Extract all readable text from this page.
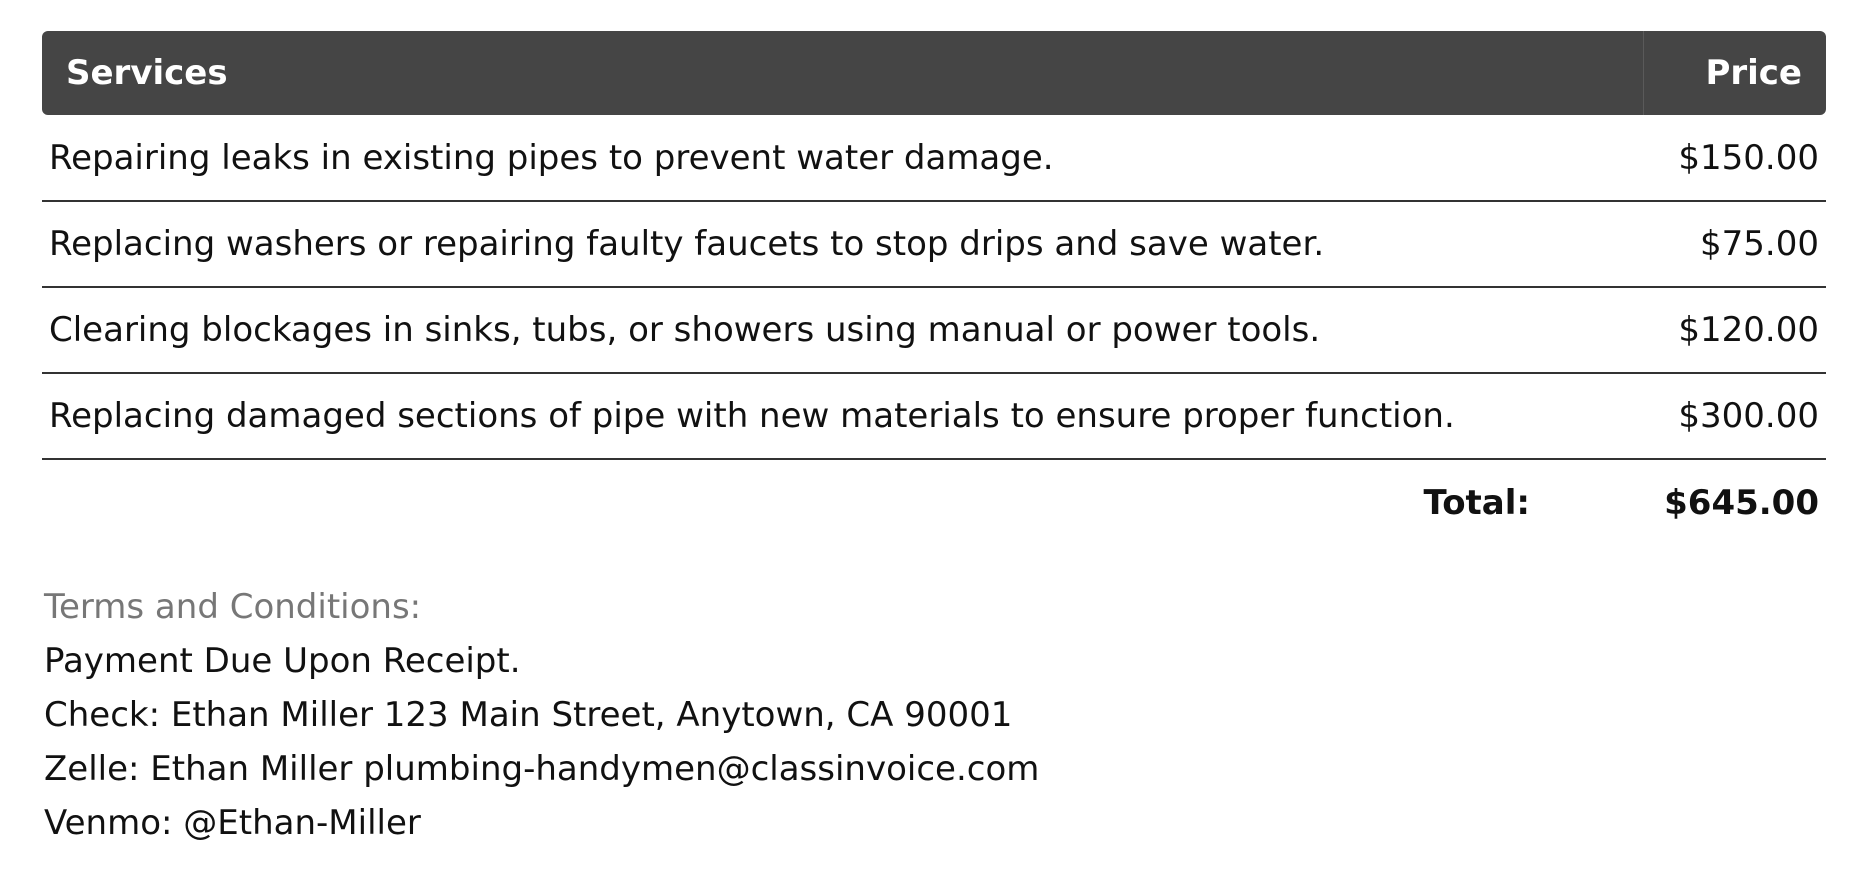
Services	Price
Repairing leaks in existing pipes to prevent water damage.	$150.00
Replacing washers or repairing faulty faucets to stop drips and save water.	$75.00
Clearing blockages in sinks, tubs, or showers using manual or power tools.	$120.00
Replacing damaged sections of pipe with new materials to ensure proper function.	$300.00
Total:	$645.00
Terms and Conditions:
Payment Due Upon Receipt.
Check: Ethan Miller 123 Main Street, Anytown, CA 90001
Zelle: Ethan Miller plumbing-handymen@classinvoice.com
Venmo: @Ethan-Miller
